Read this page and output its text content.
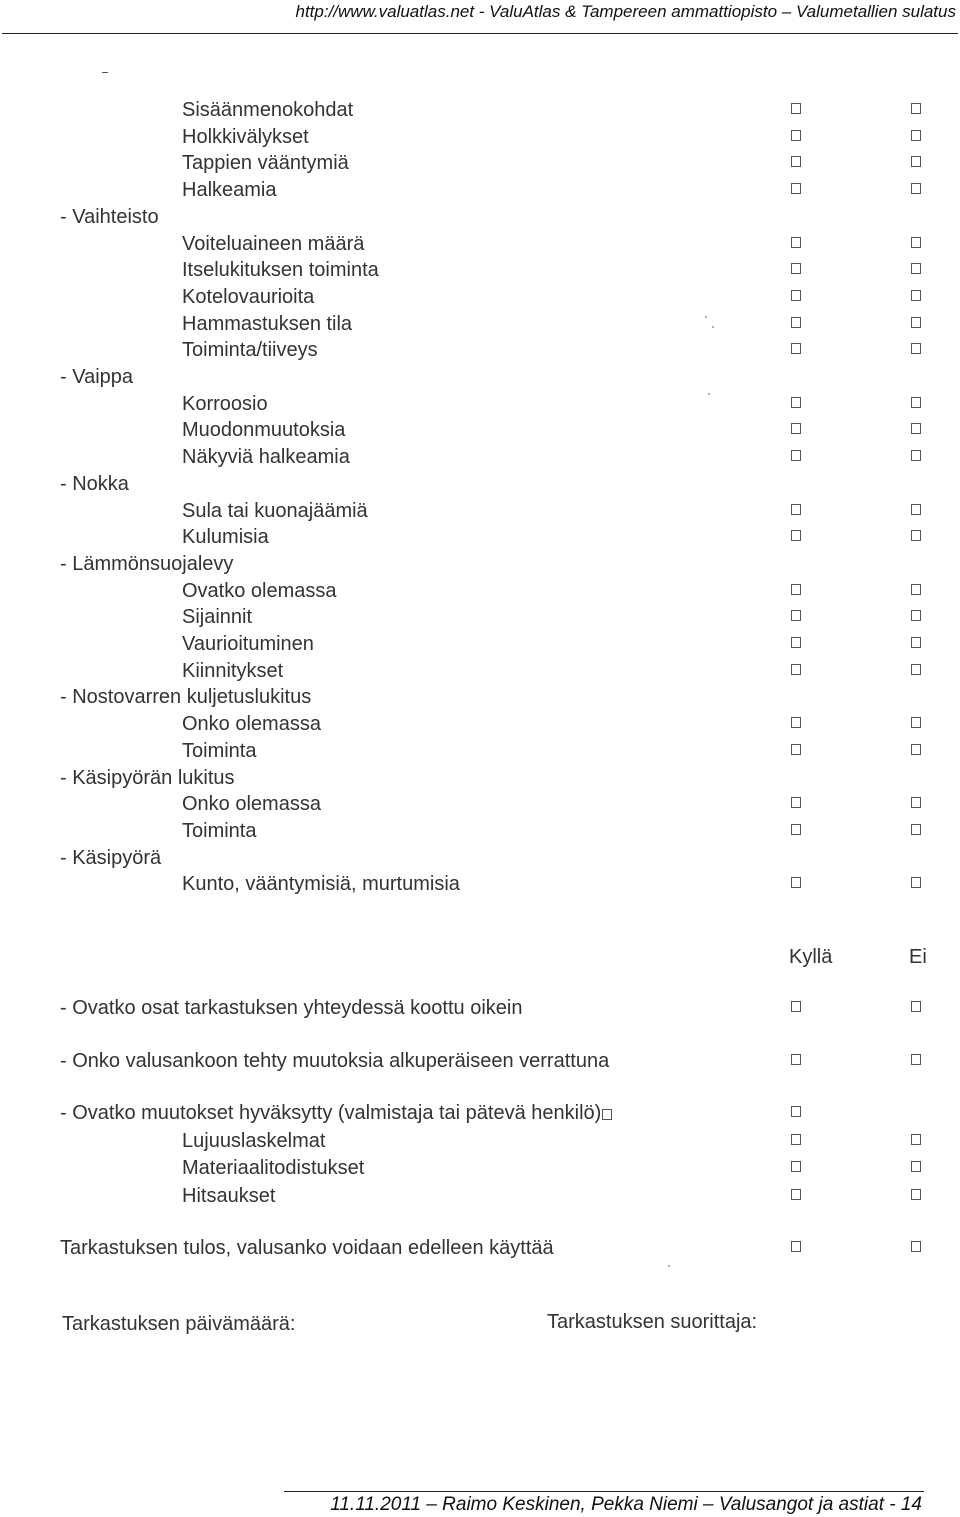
http://www.valuatlas.net - ValuAtlas & Tampereen ammattiopisto – Valumetallien sulatus
Sisäänmenokohdat
Holkkivälykset
Tappien vääntymiä
Halkeamia
- Vaihteisto
Voiteluaineen määrä
Itselukituksen toiminta
Kotelovaurioita
Hammastuksen tila
Toiminta/tiiveys
- Vaippa
Korroosio
Muodonmuutoksia
Näkyviä halkeamia
- Nokka
Sula tai kuonajäämiä
Kulumisia
- Lämmönsuojalevy
Ovatko olemassa
Sijainnit
Vaurioituminen
Kiinnitykset
- Nostovarren kuljetuslukitus
Onko olemassa
Toiminta
- Käsipyörän lukitus
Onko olemassa
Toiminta
- Käsipyörä
Kunto, vääntymisiä, murtumisia
Kyllä	Ei
- Ovatko osat tarkastuksen yhteydessä koottu oikein
- Onko valusankoon tehty muutoksia alkuperäiseen verrattuna
- Ovatko muutokset hyväksytty (valmistaja tai pätevä henkilö)
Lujuuslaskelmat
Materiaalitodistukset
Hitsaukset
Tarkastuksen tulos, valusanko voidaan edelleen käyttää
Tarkastuksen päivämäärä:	Tarkastuksen suorittaja:
11.11.2011 – Raimo Keskinen, Pekka Niemi – Valusangot ja astiat - 14
